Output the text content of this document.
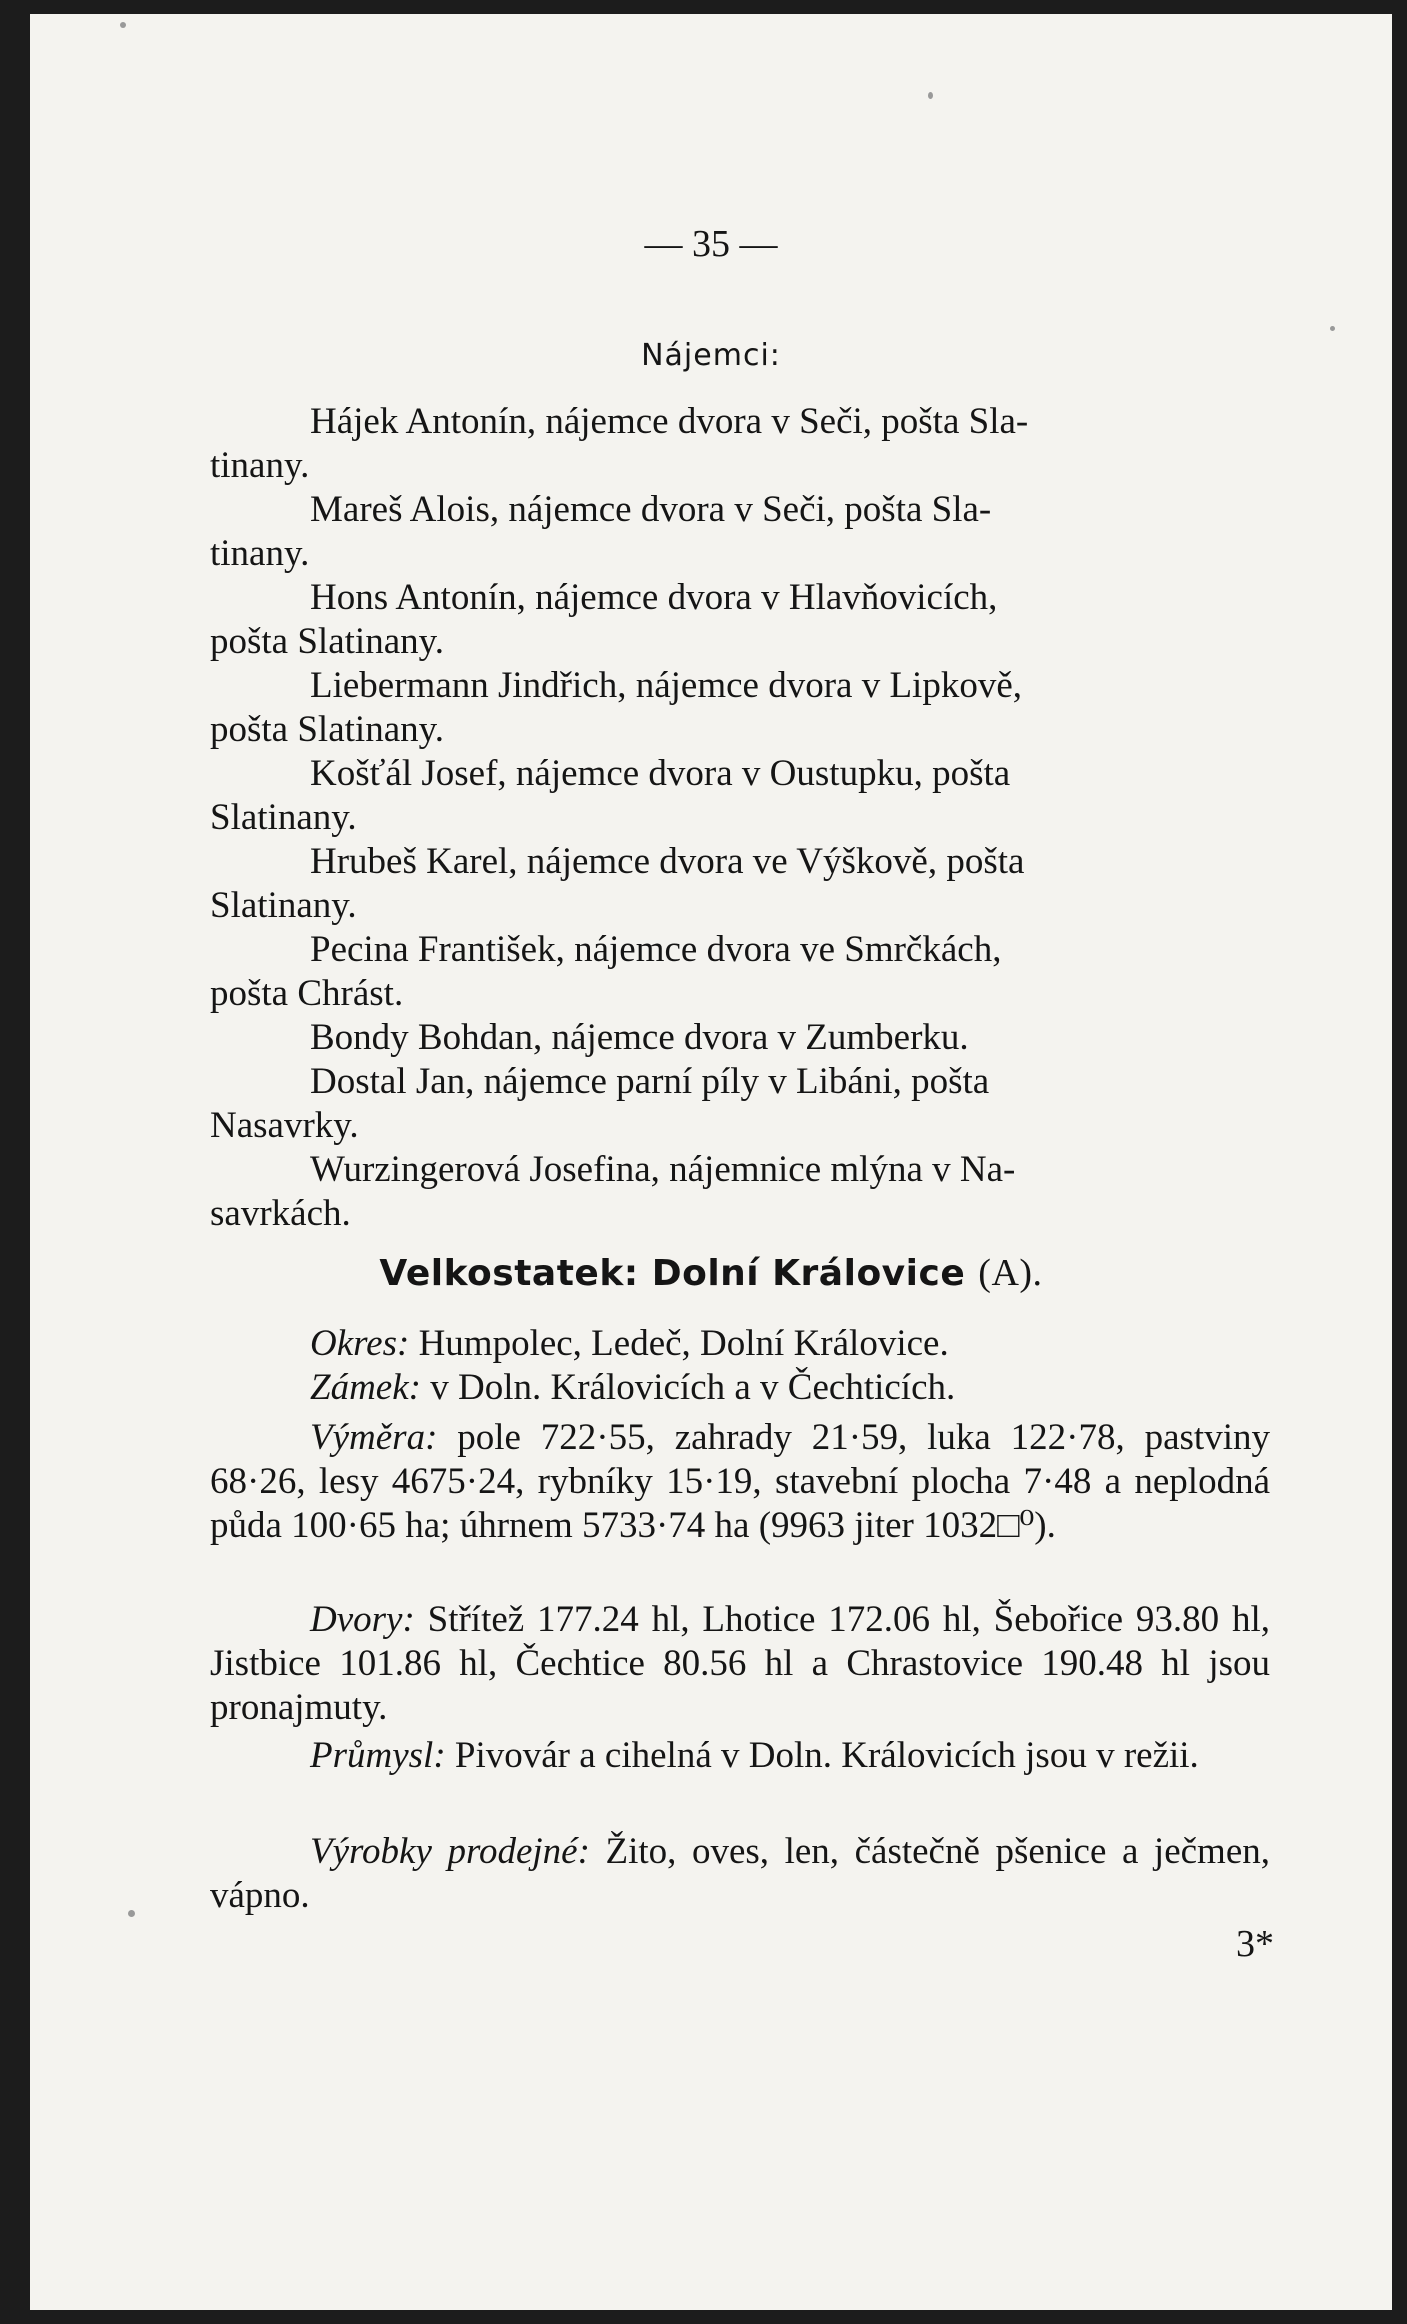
— 35 —

Nájemci:

Hájek Antonín, nájemce dvora v Seči, pošta Sla-
tinany.
Mareš Alois, nájemce dvora v Seči, pošta Sla-
tinany.
Hons Antonín, nájemce dvora v Hlavňovicích,
pošta Slatinany.
Liebermann Jindřich, nájemce dvora v Lipkově,
pošta Slatinany.
Košťál Josef, nájemce dvora v Oustupku, pošta
Slatinany.
Hrubeš Karel, nájemce dvora ve Výškově, pošta
Slatinany.
Pecina František, nájemce dvora ve Smrčkách,
pošta Chrást.
Bondy Bohdan, nájemce dvora v Zumberku.
Dostal Jan, nájemce parní píly v Libáni, pošta
Nasavrky.
Wurzingerová Josefina, nájemnice mlýna v Na-
savrkách.

Velkostatek: Dolní Královice (A).

Okres: Humpolec, Ledeč, Dolní Královice.

Zámek: v Doln. Královicích a v Čechticích.

Výměra: pole 722·55, zahrady 21·59, luka 122·78, pastviny 68·26, lesy 4675·24, rybníky 15·19, stavební plocha 7·48 a neplodná půda 100·65 ha; úhrnem 5733·74 ha (9963 jiter 1032□⁰).

Dvory: Střítež 177.24 hl, Lhotice 172.06 hl, Šebořice 93.80 hl, Jistbice 101.86 hl, Čechtice 80.56 hl a Chrastovice 190.48 hl jsou pronajmuty.

Průmysl: Pivovár a cihelná v Doln. Královicích jsou v režii.

Výrobky prodejné: Žito, oves, len, částečně pšenice a ječmen, vápno.

3*
